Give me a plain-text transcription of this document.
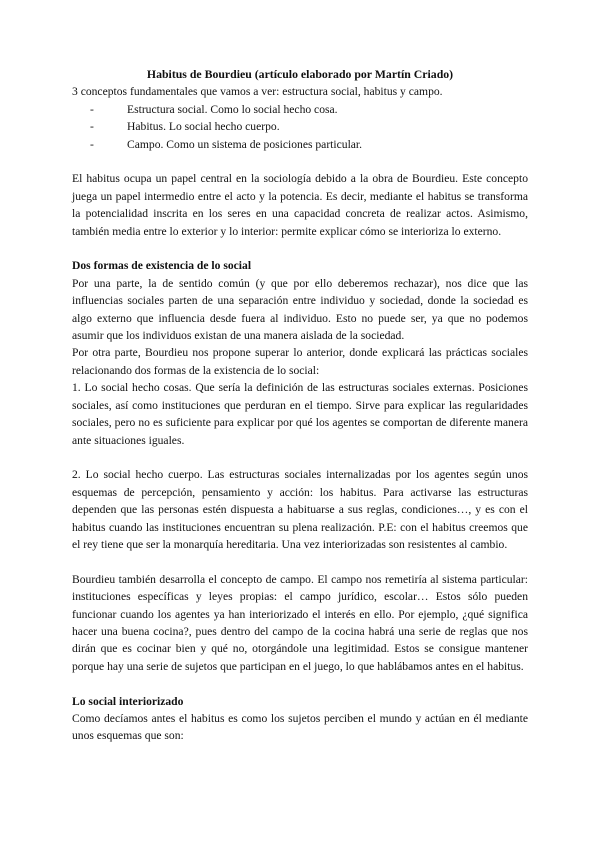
Habitus de Bourdieu (artículo elaborado por Martín Criado)

3 conceptos fundamentales que vamos a ver: estructura social, habitus y campo.

-	Estructura social. Como lo social hecho cosa.
-	Habitus. Lo social hecho cuerpo.
-	Campo. Como un sistema de posiciones particular.

El habitus ocupa un papel central en la sociología debido a la obra de Bourdieu. Este concepto juega un papel intermedio entre el acto y la potencia. Es decir, mediante el habitus se transforma la potencialidad inscrita en los seres en una capacidad concreta de realizar actos. Asimismo, también media entre lo exterior y lo interior: permite explicar cómo se interioriza lo externo.

Dos formas de existencia de lo social

Por una parte, la de sentido común (y que por ello deberemos rechazar), nos dice que las influencias sociales parten de una separación entre individuo y sociedad, donde la sociedad es algo externo que influencia desde fuera al individuo. Esto no puede ser, ya que no podemos asumir que los individuos existan de una manera aislada de la sociedad.

Por otra parte, Bourdieu nos propone superar lo anterior, donde explicará las prácticas sociales relacionando dos formas de la existencia de lo social:

1. Lo social hecho cosas. Que sería la definición de las estructuras sociales externas. Posiciones sociales, así como instituciones que perduran en el tiempo. Sirve para explicar las regularidades sociales, pero no es suficiente para explicar por qué los agentes se comportan de diferente manera ante situaciones iguales.

2. Lo social hecho cuerpo. Las estructuras sociales internalizadas por los agentes según unos esquemas de percepción, pensamiento y acción: los habitus. Para activarse las estructuras dependen que las personas estén dispuesta a habituarse a sus reglas, condiciones…, y es con el habitus cuando las instituciones encuentran su plena realización. P.E: con el habitus creemos que el rey tiene que ser la monarquía hereditaria. Una vez interiorizadas son resistentes al cambio.

Bourdieu también desarrolla el concepto de campo. El campo nos remetiría al sistema particular: instituciones específicas y leyes propias: el campo jurídico, escolar… Estos sólo pueden funcionar cuando los agentes ya han interiorizado el interés en ello. Por ejemplo, ¿qué significa hacer una buena cocina?, pues dentro del campo de la cocina habrá una serie de reglas que nos dirán que es cocinar bien y qué no, otorgándole una legitimidad. Estos se consigue mantener porque hay una serie de sujetos que participan en el juego, lo que hablábamos antes en el habitus.

Lo social interiorizado

Como decíamos antes el habitus es como los sujetos perciben el mundo y actúan en él mediante unos esquemas que son:
